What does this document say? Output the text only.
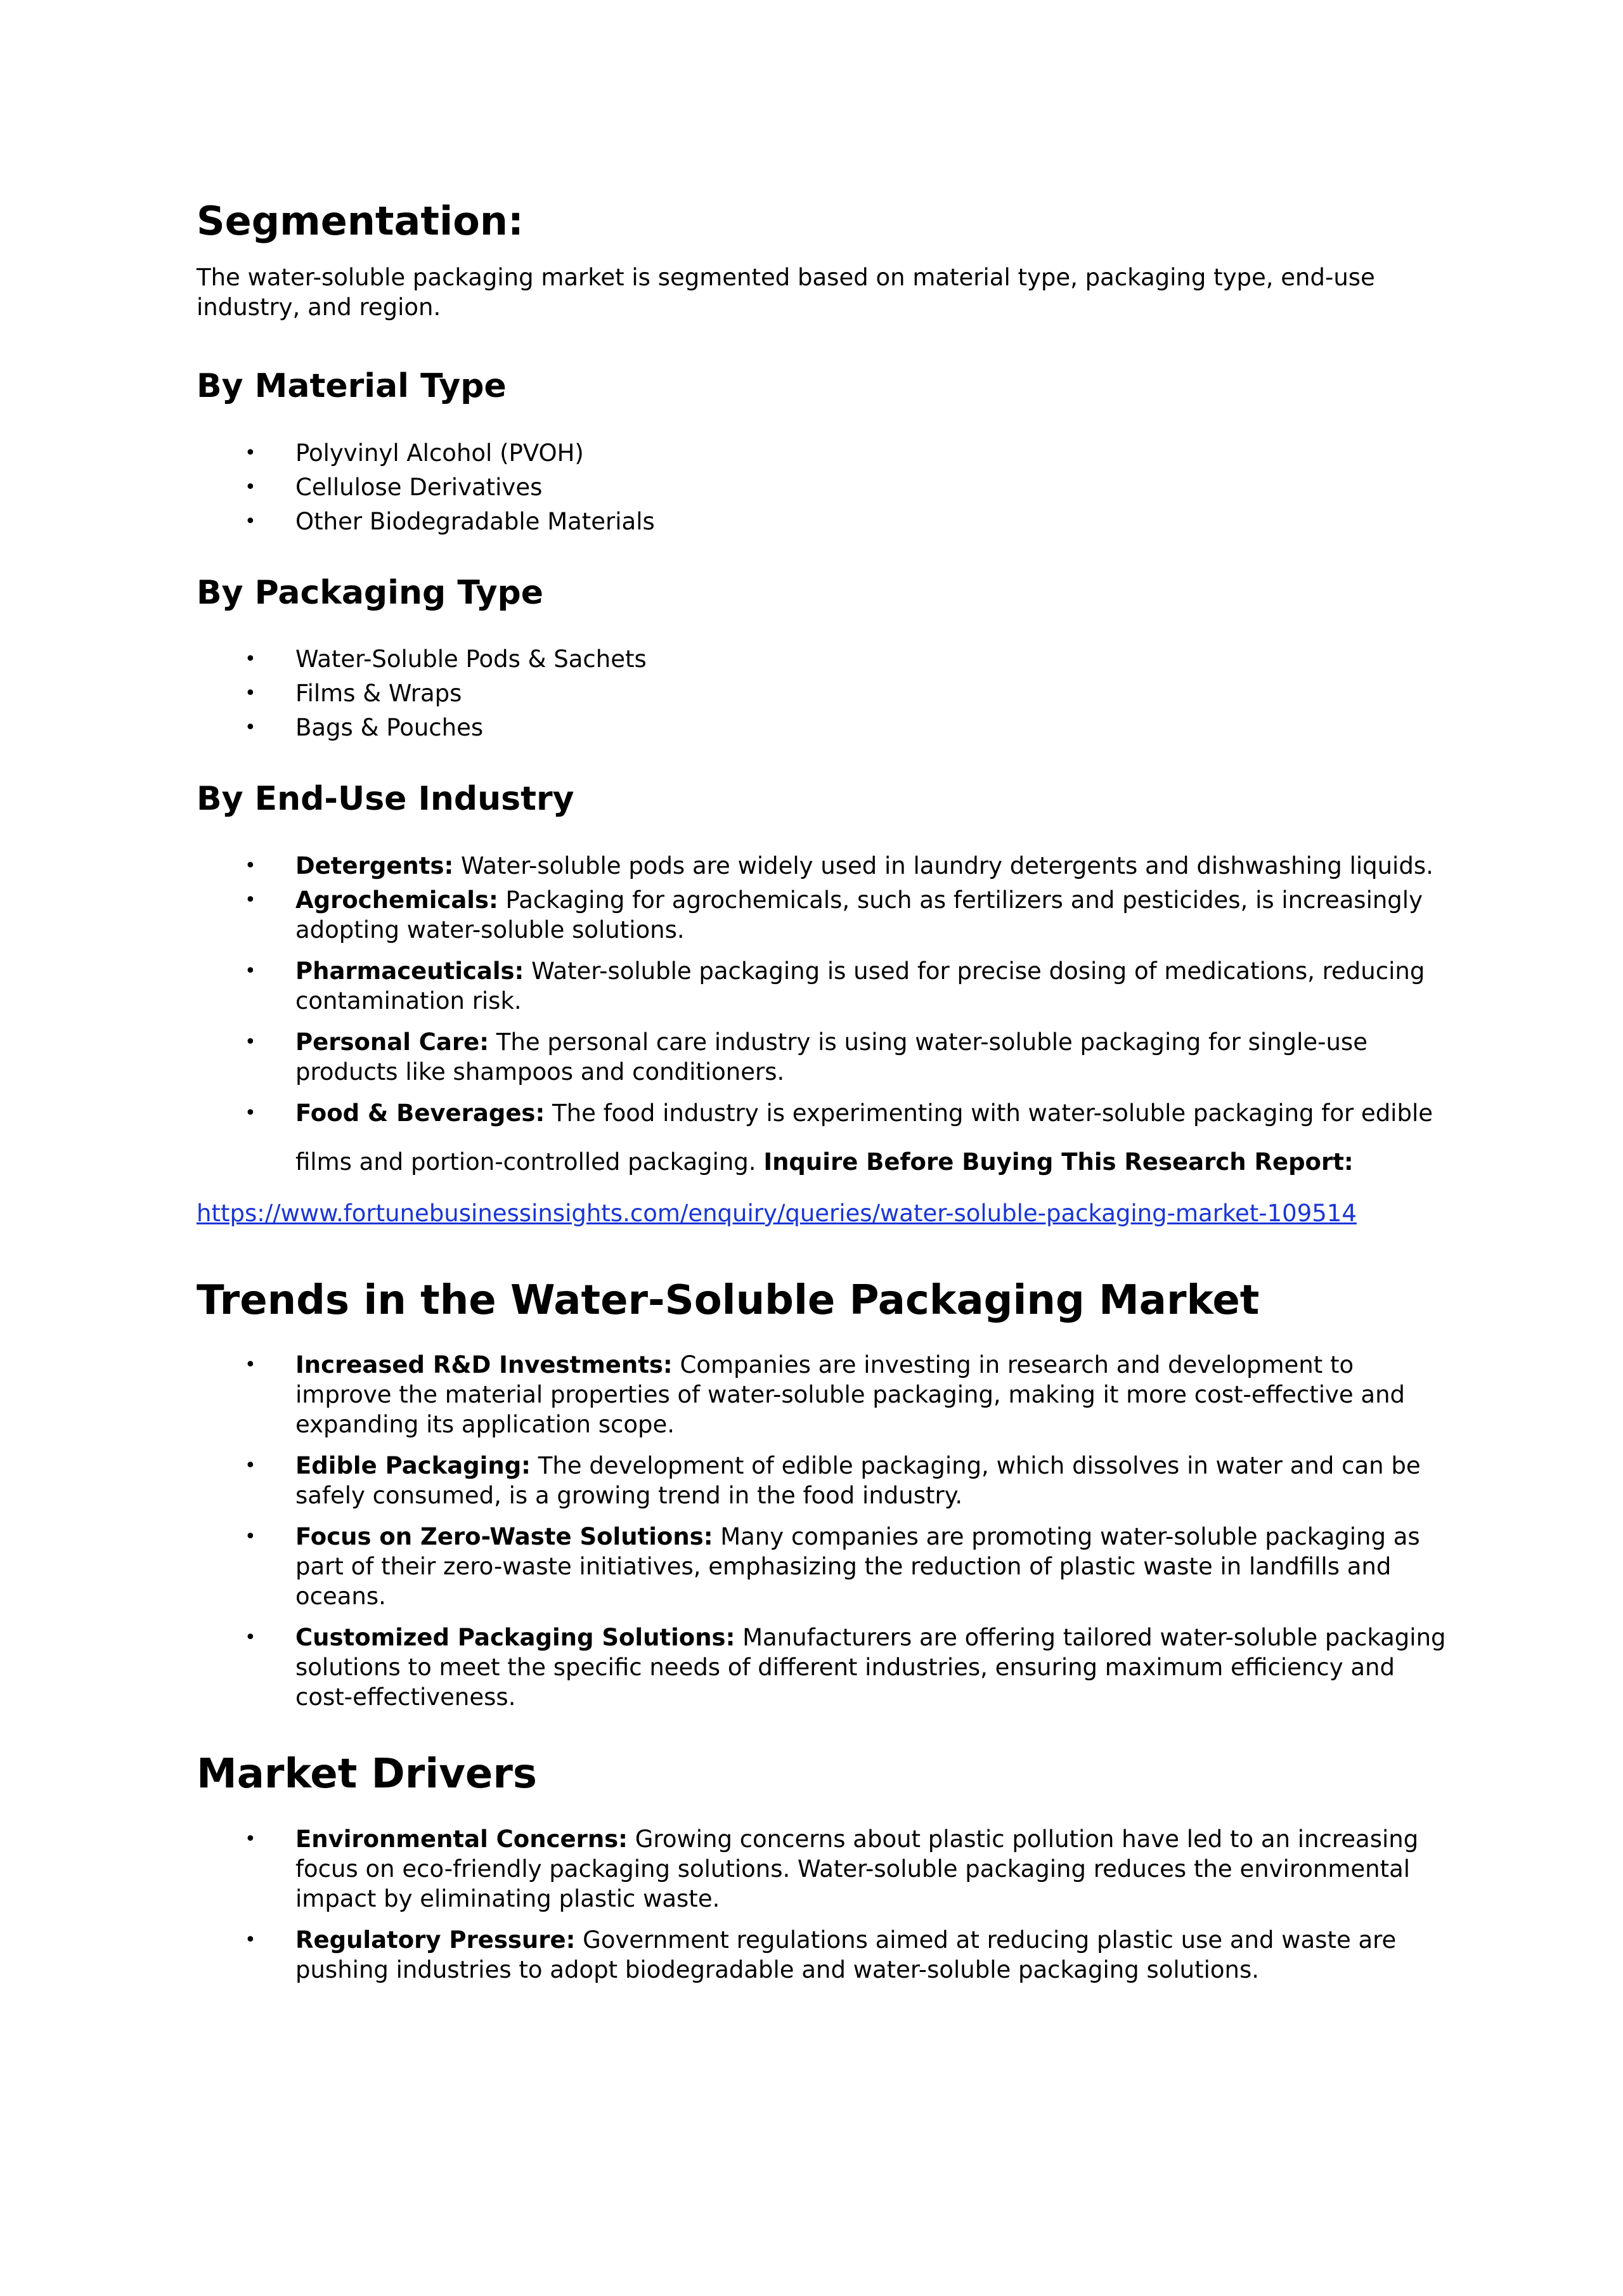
Segmentation:

The water-soluble packaging market is segmented based on material type, packaging type, end-use industry, and region.

By Material Type
• Polyvinyl Alcohol (PVOH)
• Cellulose Derivatives
• Other Biodegradable Materials
By Packaging Type
• Water-Soluble Pods & Sachets
• Films & Wraps
• Bags & Pouches
By End-Use Industry
• Detergents: Water-soluble pods are widely used in laundry detergents and dishwashing liquids.
• Agrochemicals: Packaging for agrochemicals, such as fertilizers and pesticides, is increasingly adopting water-soluble solutions.
• Pharmaceuticals: Water-soluble packaging is used for precise dosing of medications, reducing contamination risk.
• Personal Care: The personal care industry is using water-soluble packaging for single-use products like shampoos and conditioners.
• Food & Beverages: The food industry is experimenting with water-soluble packaging for edible
films and portion-controlled packaging. Inquire Before Buying This Research Report:
https://www.fortunebusinessinsights.com/enquiry/queries/water-soluble-packaging-market-109514
Trends in the Water-Soluble Packaging Market
• Increased R&D Investments: Companies are investing in research and development to improve the material properties of water-soluble packaging, making it more cost-effective and expanding its application scope.
• Edible Packaging: The development of edible packaging, which dissolves in water and can be safely consumed, is a growing trend in the food industry.
• Focus on Zero-Waste Solutions: Many companies are promoting water-soluble packaging as part of their zero-waste initiatives, emphasizing the reduction of plastic waste in landfills and oceans.
• Customized Packaging Solutions: Manufacturers are offering tailored water-soluble packaging solutions to meet the specific needs of different industries, ensuring maximum efficiency and cost-effectiveness.
Market Drivers
• Environmental Concerns: Growing concerns about plastic pollution have led to an increasing focus on eco-friendly packaging solutions. Water-soluble packaging reduces the environmental impact by eliminating plastic waste.
• Regulatory Pressure: Government regulations aimed at reducing plastic use and waste are pushing industries to adopt biodegradable and water-soluble packaging solutions.
